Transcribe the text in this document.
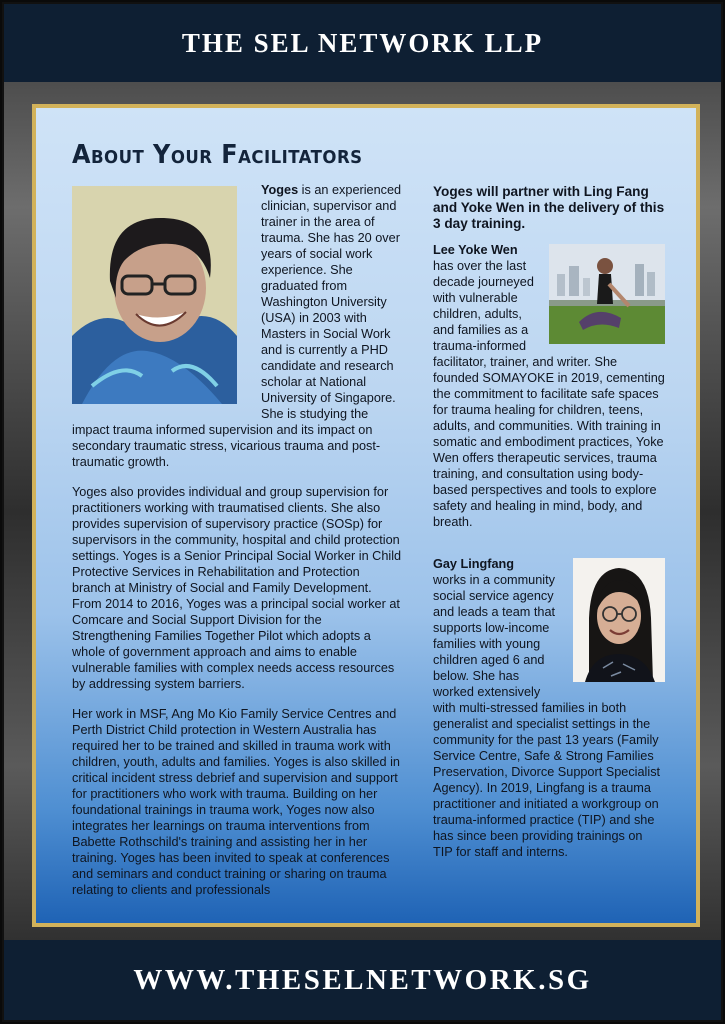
THE SEL NETWORK LLP
About Your Facilitators

Yoges is an experienced clinician, supervisor and trainer in the area of trauma. She has 20 over years of social work experience. She graduated from Washington University (USA) in 2003 with Masters in Social Work and is currently a PHD candidate and research scholar at National University of Singapore. She is studying the impact trauma informed supervision and its impact on secondary traumatic stress, vicarious trauma and post-traumatic growth.

Yoges also provides individual and group supervision for practitioners working with traumatised clients. She also provides supervision of supervisory practice (SOSp) for supervisors in the community, hospital and child protection settings. Yoges is a Senior Principal Social Worker in Child Protective Services in Rehabilitation and Protection branch at Ministry of Social and Family Development. From 2014 to 2016, Yoges was a principal social worker at Comcare and Social Support Division for the Strengthening Families Together Pilot which adopts a whole of government approach and aims to enable vulnerable families with complex needs access resources by addressing system barriers.

Her work in MSF, Ang Mo Kio Family Service Centres and Perth District Child protection in Western Australia has required her to be trained and skilled in trauma work with children, youth, adults and families. Yoges is also skilled in critical incident stress debrief and supervision and support for practitioners who work with trauma. Building on her foundational trainings in trauma work, Yoges now also integrates her learnings on trauma interventions from Babette Rothschild's training and assisting her in her training. Yoges has been invited to speak at conferences and seminars and conduct training or sharing on trauma relating to clients and professionals

Yoges will partner with Ling Fang and Yoke Wen in the delivery of this 3 day training.

Lee Yoke Wen
has over the last decade journeyed with vulnerable children, adults, and families as a trauma-informed facilitator, trainer, and writer. She founded SOMAYOKE in 2019, cementing the commitment to facilitate safe spaces for trauma healing for children, teens, adults, and communities. With training in somatic and embodiment practices, Yoke Wen offers therapeutic services, trauma training, and consultation using body-based perspectives and tools to explore safety and healing in mind, body, and breath.

Gay Lingfang
works in a community social service agency and leads a team that supports low-income families with young children aged 6 and below. She has worked extensively with multi-stressed families in both generalist and specialist settings in the community for the past 13 years (Family Service Centre, Safe & Strong Families Preservation, Divorce Support Specialist Agency). In 2019, Lingfang is a trauma practitioner and initiated a workgroup on trauma-informed practice (TIP) and she has since been providing trainings on TIP for staff and interns.

WWW.THESELNETWORK.SG
